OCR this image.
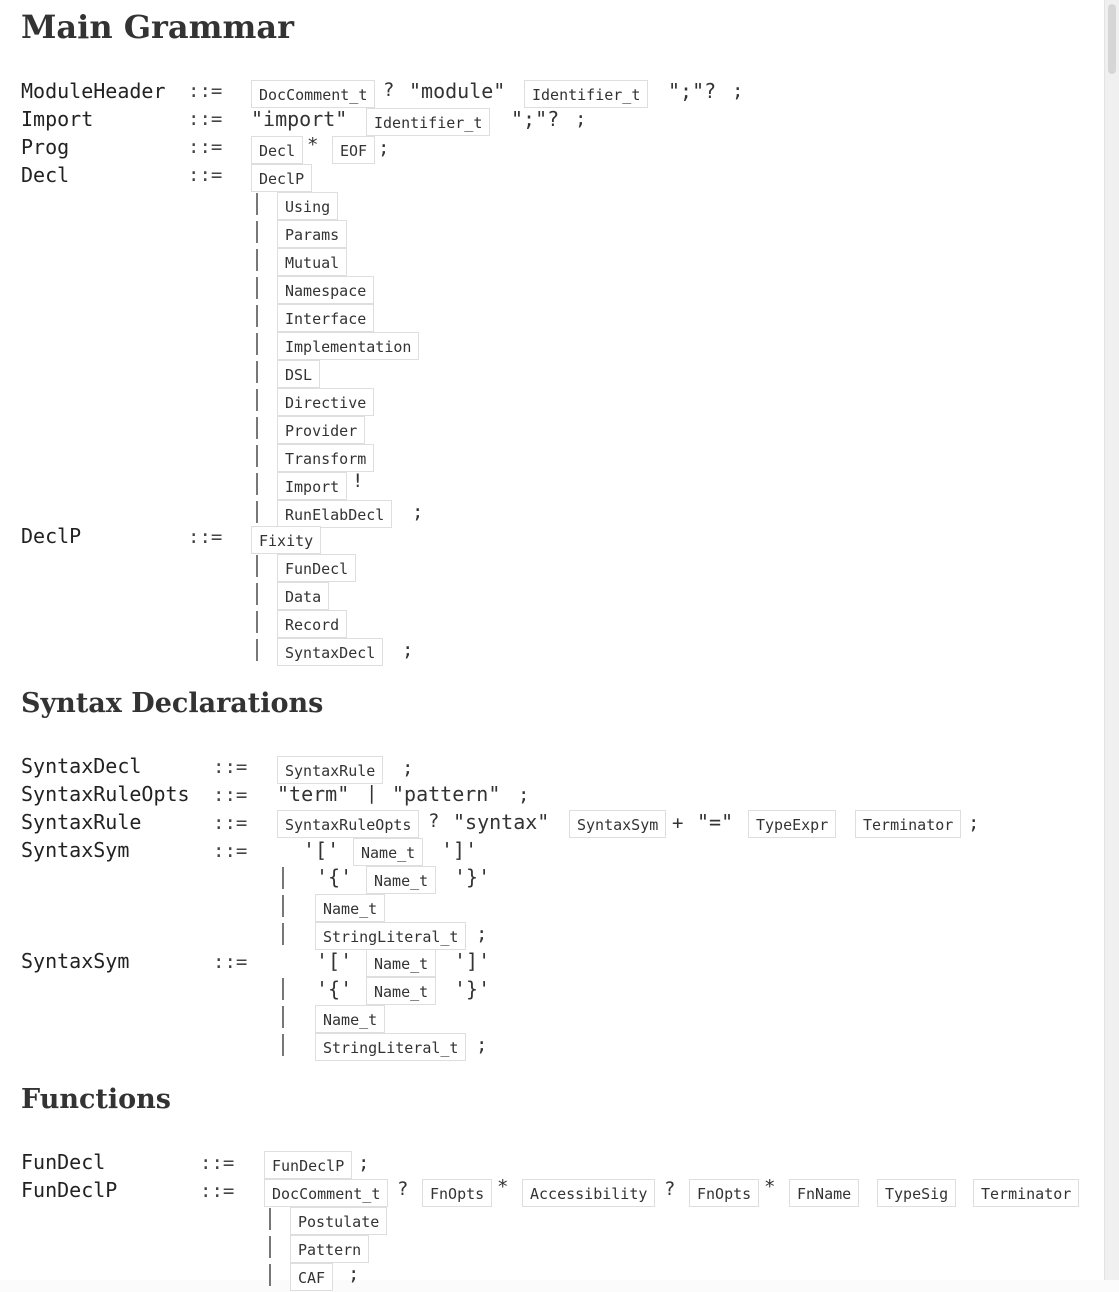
Main Grammar
ModuleHeader ::=	DocComment_t ? "module"	Identifier_t	";"? ;
Import	::= "import"	Identifier_t	";"? ;
Prog	::=	Decl *	EOF ;
Decl	::=	DeclP
Using
Params
Mutual
Namespace
Interface
Implementation
DSL
Directive
Provider
Transform
Import !
RunElabDecl	;
DeclP	::=	Fixity
FunDecl
Data
Record
SyntaxDecl	;
Syntax Declarations
SyntaxDecl	::=	SyntaxRule	;
SyntaxRuleOpts ::= "term" | "pattern" ;
SyntaxRule	::=	SyntaxRuleOpts ? "syntax"	SyntaxSym + "="	TypeExpr	Terminator ;
SyntaxSym	::=	'['	Name_t	']'
'{'	Name_t	'}'
Name_t
StringLiteral_t ;
SyntaxSym	::=	'['	Name_t	']'
'{'	Name_t	'}'
Name_t
StringLiteral_t ;
Functions
FunDecl	::=	FunDeclP ;
FunDeclP	::=	DocComment_t ?	FnOpts *	Accessibility ?	FnOpts *	FnName	TypeSig	Terminator
Postulate
Pattern
CAF	;
